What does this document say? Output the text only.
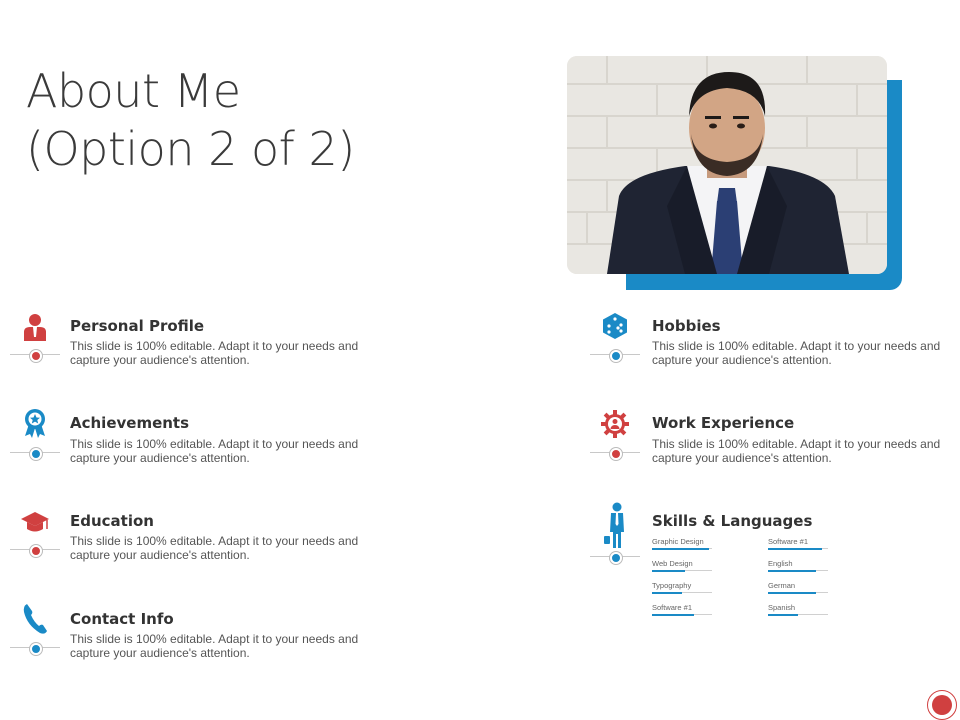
About Me (Option 2 of 2)
Personal Profile
This slide is 100% editable. Adapt it to your needs and capture your audience's attention.
Achievements
This slide is 100% editable. Adapt it to your needs and capture your audience's attention.
Education
This slide is 100% editable. Adapt it to your needs and capture your audience's attention.
Contact Info
This slide is 100% editable. Adapt it to your needs and capture your audience's attention.
Hobbies
This slide is 100% editable. Adapt it to your needs and capture your audience's attention.
Work Experience
This slide is 100% editable. Adapt it to your needs and capture your audience's attention.
Skills & Languages
Graphic Design
Web Design
Typography
Software #1
Software #1
English
German
Spanish
